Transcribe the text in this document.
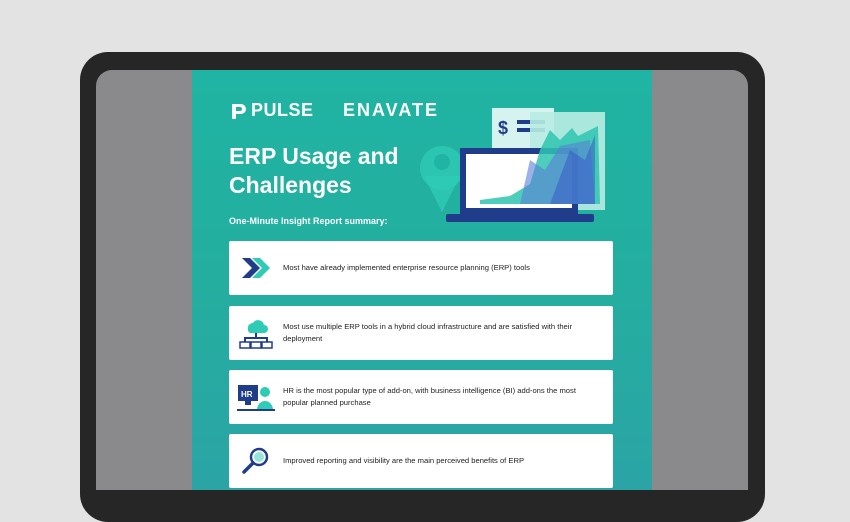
PULSE ENAVATE
$
ERP Usage and Challenges
One-Minute Insight Report summary:
Most have already implemented enterprise resource planning (ERP) tools
Most use multiple ERP tools in a hybrid cloud infrastructure and are satisfied with their deployment
HR	HR is the most popular type of add-on, with business intelligence (BI) add-ons the most popular planned purchase
Improved reporting and visibility are the main perceived benefits of ERP
